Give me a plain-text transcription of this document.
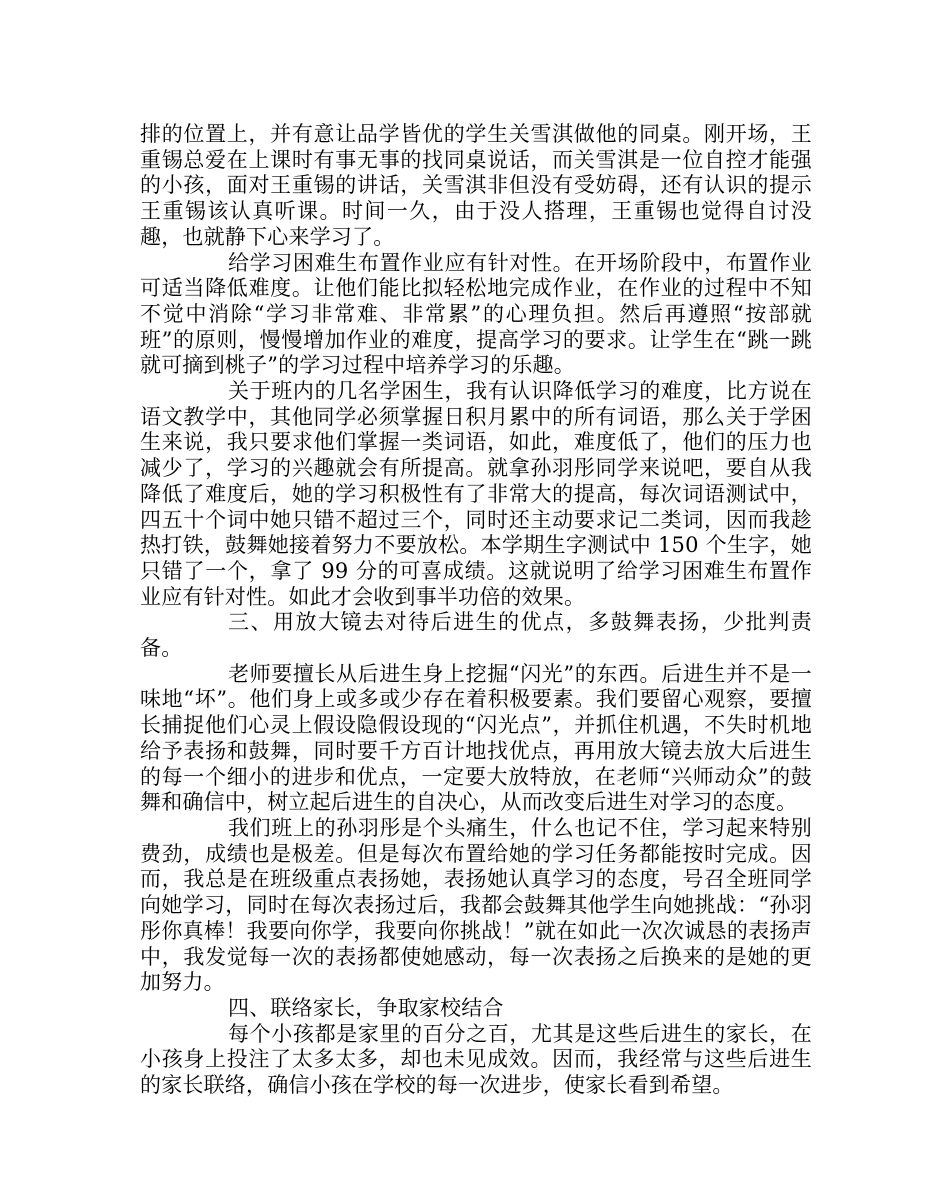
排的位置上，并有意让品学皆优的学生关雪淇做他的同桌。刚开场，王重锡总爱在上课时有事无事的找同桌说话，而关雪淇是一位自控才能强的小孩，面对王重锡的讲话，关雪淇非但没有受妨碍，还有认识的提示王重锡该认真听课。时间一久，由于没人搭理，王重锡也觉得自讨没趣，也就静下心来学习了。

给学习困难生布置作业应有针对性。在开场阶段中，布置作业可适当降低难度。让他们能比拟轻松地完成作业，在作业的过程中不知不觉中消除“学习非常难、非常累”的心理负担。然后再遵照“按部就班”的原则，慢慢增加作业的难度，提高学习的要求。让学生在“跳一跳就可摘到桃子”的学习过程中培养学习的乐趣。

关于班内的几名学困生，我有认识降低学习的难度，比方说在语文教学中，其他同学必须掌握日积月累中的所有词语，那么关于学困生来说，我只要求他们掌握一类词语，如此，难度低了，他们的压力也减少了，学习的兴趣就会有所提高。就拿孙羽彤同学来说吧，要自从我降低了难度后，她的学习积极性有了非常大的提高，每次词语测试中，四五十个词中她只错不超过三个，同时还主动要求记二类词，因而我趁热打铁，鼓舞她接着努力不要放松。本学期生字测试中 150 个生字，她只错了一个，拿了 99 分的可喜成绩。这就说明了给学习困难生布置作业应有针对性。如此才会收到事半功倍的效果。

三、用放大镜去对待后进生的优点，多鼓舞表扬，少批判责备。

老师要擅长从后进生身上挖掘“闪光”的东西。后进生并不是一味地“坏”。他们身上或多或少存在着积极要素。我们要留心观察，要擅长捕捉他们心灵上假设隐假设现的“闪光点”，并抓住机遇，不失时机地给予表扬和鼓舞，同时要千方百计地找优点，再用放大镜去放大后进生的每一个细小的进步和优点，一定要大放特放，在老师“兴师动众”的鼓舞和确信中，树立起后进生的自决心，从而改变后进生对学习的态度。

我们班上的孙羽彤是个头痛生，什么也记不住，学习起来特别费劲，成绩也是极差。但是每次布置给她的学习任务都能按时完成。因而，我总是在班级重点表扬她，表扬她认真学习的态度，号召全班同学向她学习，同时在每次表扬过后，我都会鼓舞其他学生向她挑战：“孙羽彤你真棒！我要向你学，我要向你挑战！”就在如此一次次诚恳的表扬声中，我发觉每一次的表扬都使她感动，每一次表扬之后换来的是她的更加努力。

四、联络家长，争取家校结合

每个小孩都是家里的百分之百，尤其是这些后进生的家长，在小孩身上投注了太多太多，却也未见成效。因而，我经常与这些后进生的家长联络，确信小孩在学校的每一次进步，使家长看到希望。
